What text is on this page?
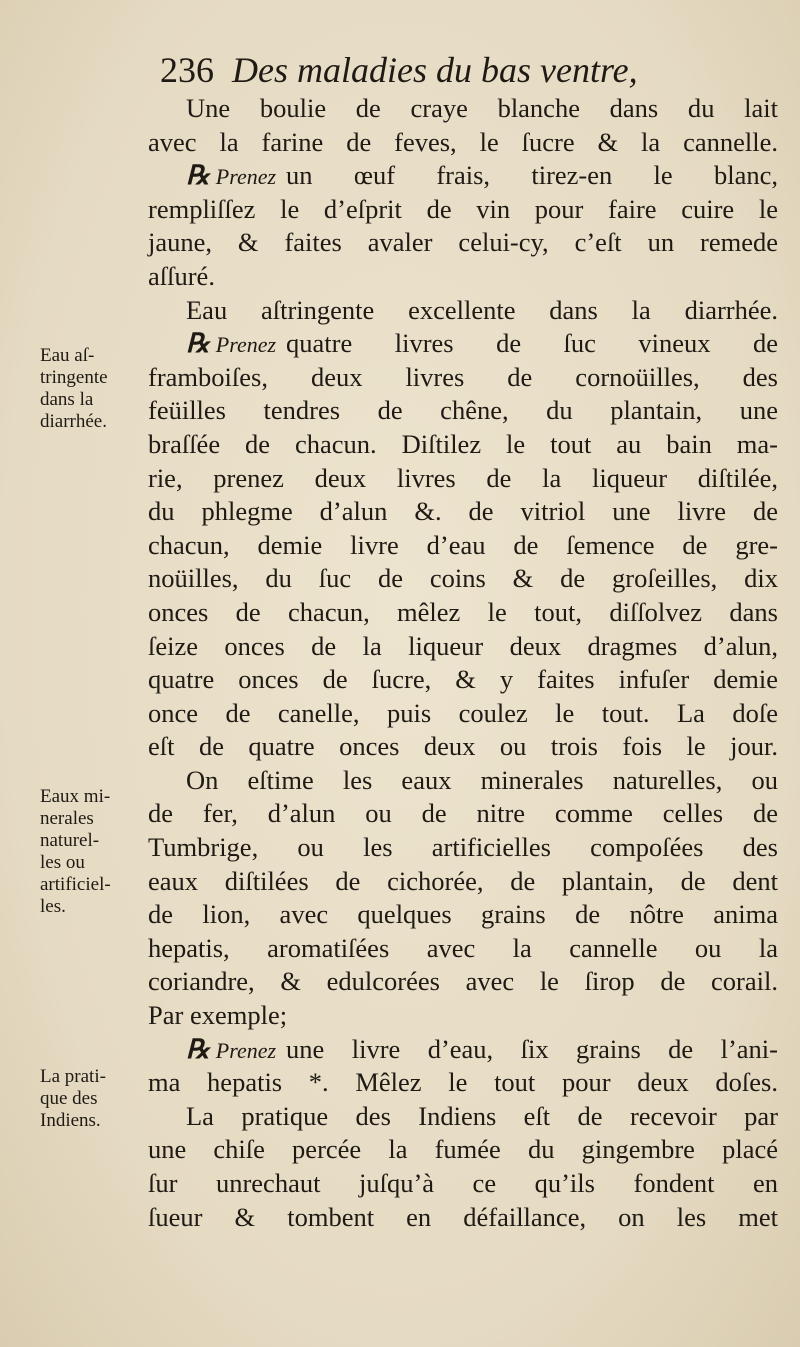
236 Des maladies du bas ventre,
Une boulie de craye blanche dans du lait
avec la farine de feves, le ſucre & la cannelle.
℞ Prenez un œuf frais, tirez-en le blanc,
rempliſſez le d’eſprit de vin pour faire cuire le
jaune, & faites avaler celui-cy, c’eſt un remede
aſſuré.
Eau aſtringente excellente dans la diarrhée.
℞ Prenez quatre livres de ſuc vineux de
framboiſes, deux livres de cornoüilles, des
feüilles tendres de chêne, du plantain, une
braſſée de chacun. Diſtilez le tout au bain ma-
rie, prenez deux livres de la liqueur diſtilée,
du phlegme d’alun &. de vitriol une livre de
chacun, demie livre d’eau de ſemence de gre-
noüilles, du ſuc de coins & de groſeilles, dix
onces de chacun, mêlez le tout, diſſolvez dans
ſeize onces de la liqueur deux dragmes d’alun,
quatre onces de ſucre, & y faites infuſer demie
once de canelle, puis coulez le tout. La doſe
eſt de quatre onces deux ou trois fois le jour.
On eſtime les eaux minerales naturelles, ou
de fer, d’alun ou de nitre comme celles de
Tumbrige, ou les artificielles compoſées des
eaux diſtilées de cichorée, de plantain, de dent
de lion, avec quelques grains de nôtre anima
hepatis, aromatiſées avec la cannelle ou la
coriandre, & edulcorées avec le ſirop de corail.
Par exemple;
℞ Prenez une livre d’eau, ſix grains de l’ani-
ma hepatis *. Mêlez le tout pour deux doſes.
La pratique des Indiens eſt de recevoir par
une chiſe percée la fumée du gingembre placé
ſur unrechaut juſqu’à ce qu’ils fondent en
ſueur & tombent en défaillance, on les met
Eau aſ-
tringente
dans la
diarrhée.
Eaux mi-
nerales
naturel-
les ou
artificiel-
les.
La prati-
que des
Indiens.
